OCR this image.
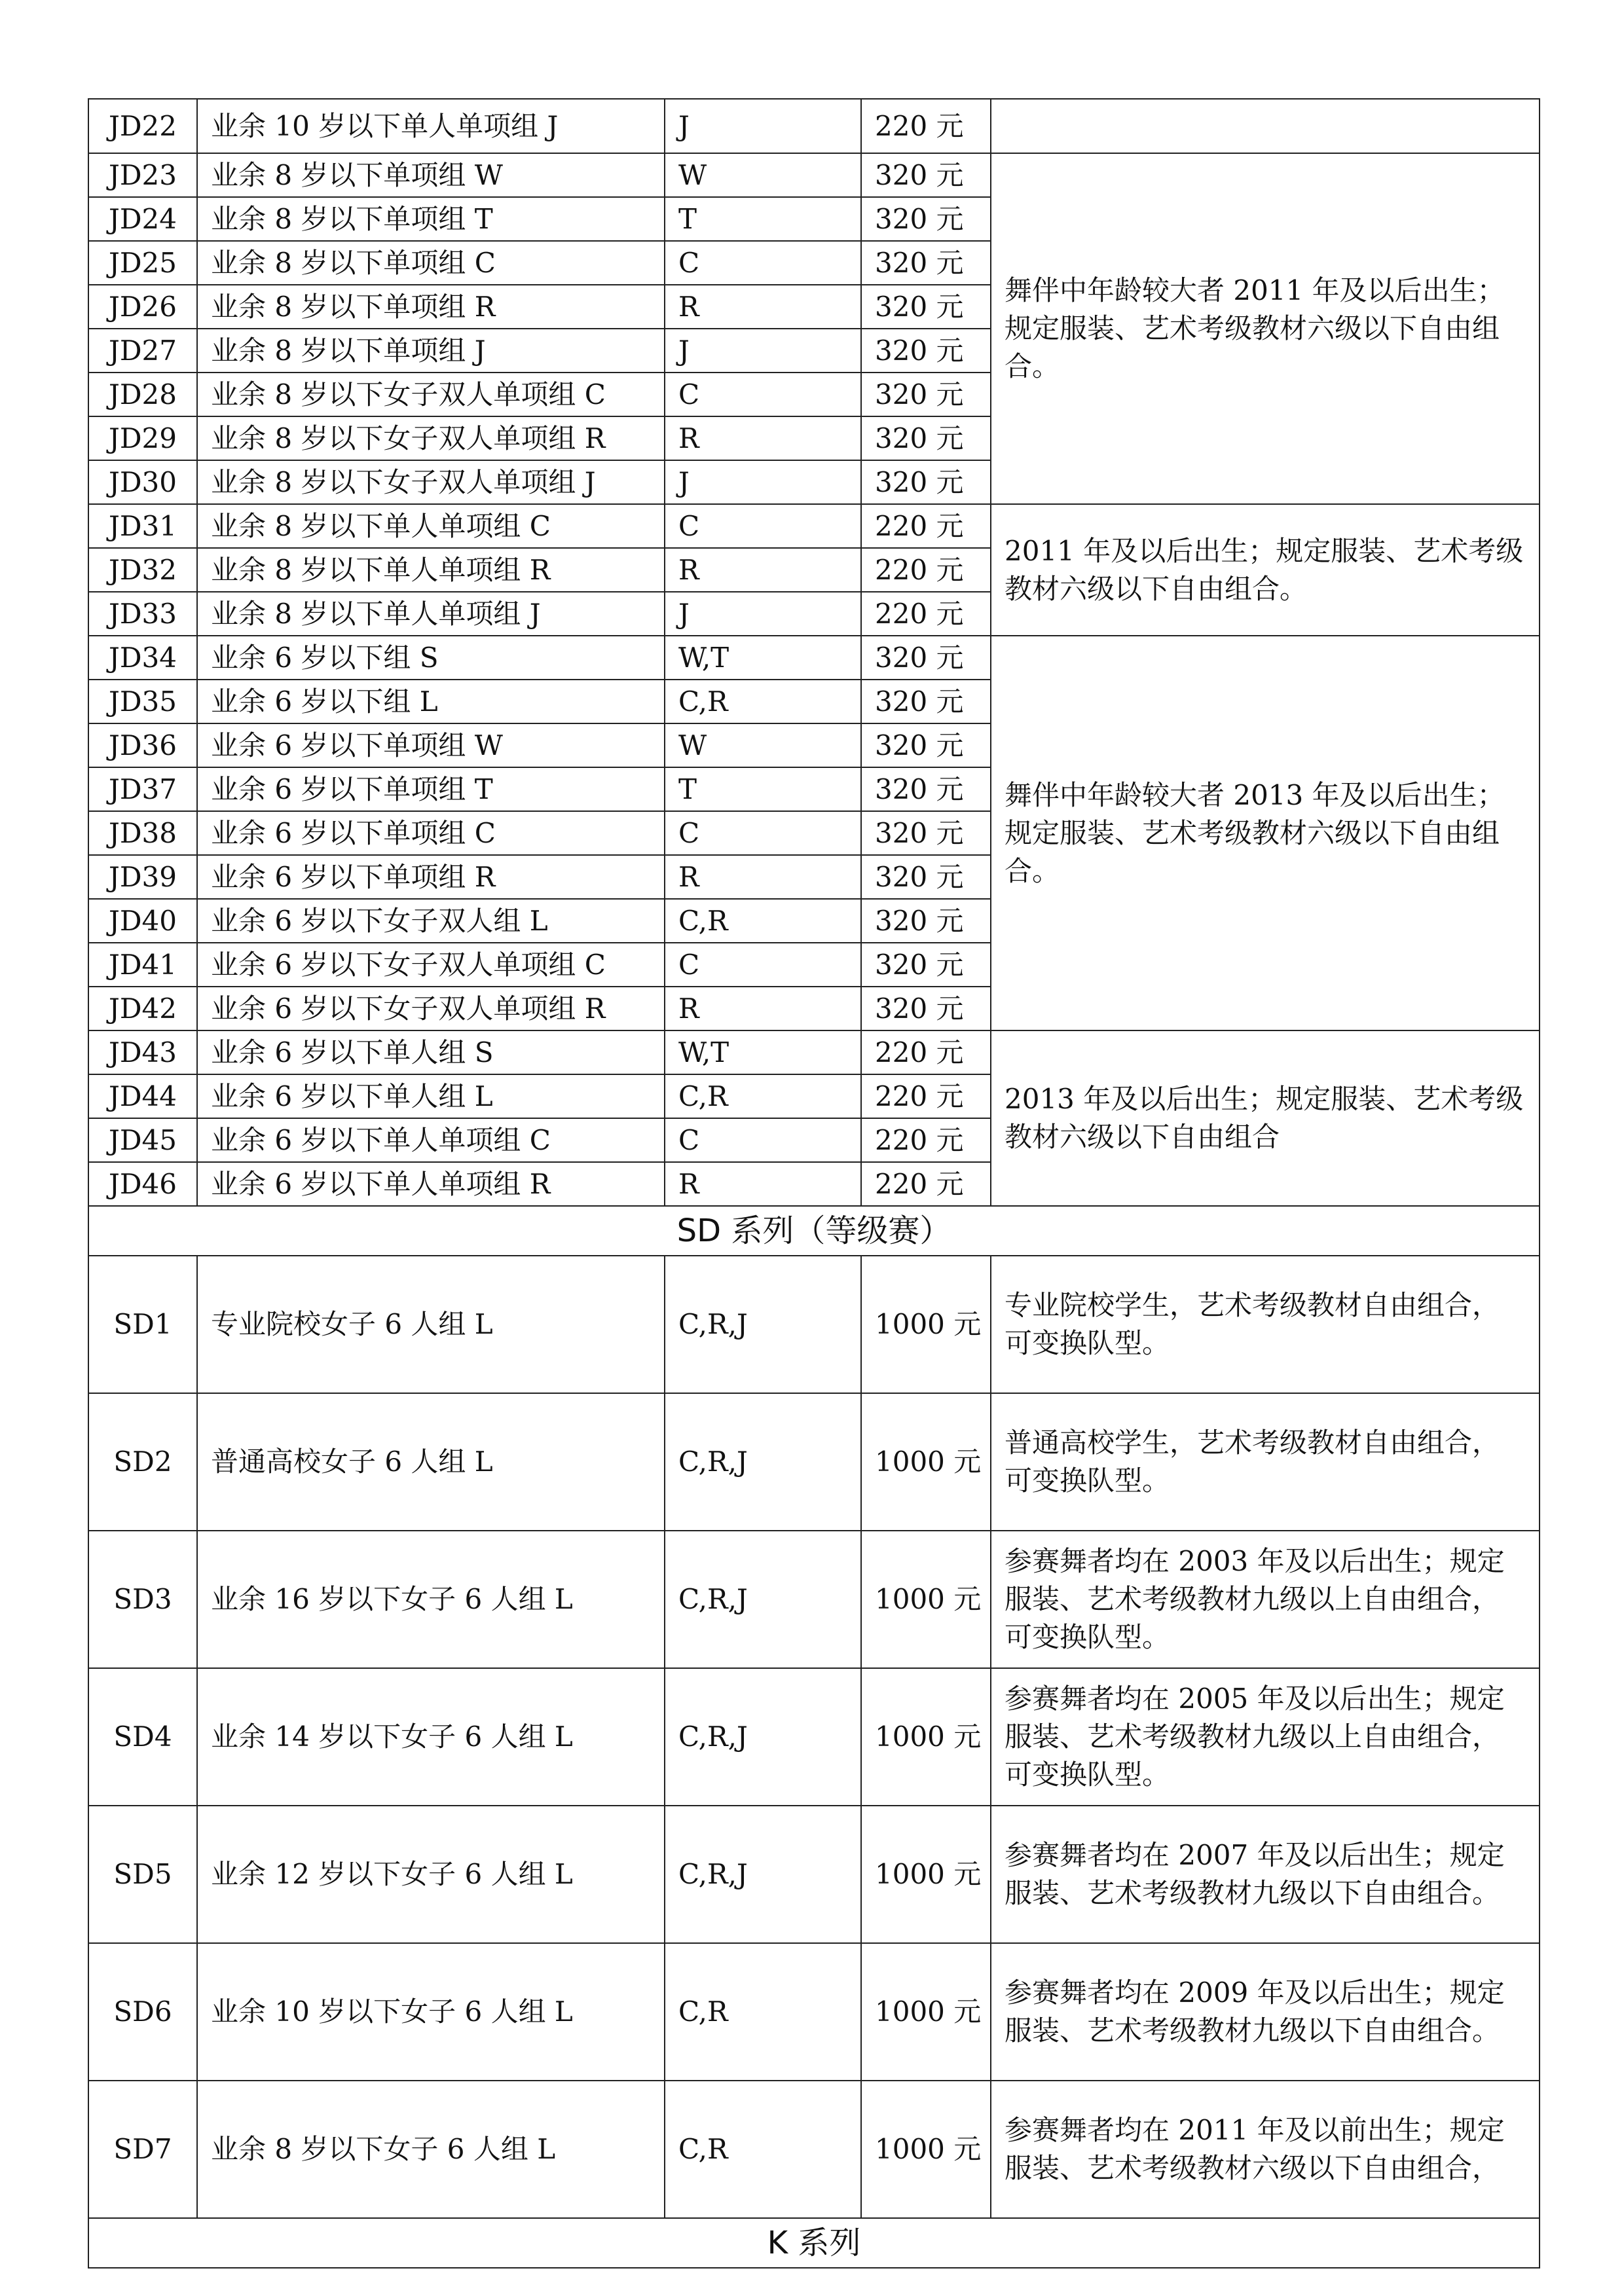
JD22	业余 10 岁以下单人单项组 J	J	220 元	
JD23	业余 8 岁以下单项组 W	W	320 元	舞伴中年龄较大者 2011 年及以后出生；规定服装、艺术考级教材六级以下自由组合。
JD24	业余 8 岁以下单项组 T	T	320 元	
JD25	业余 8 岁以下单项组 C	C	320 元	
JD26	业余 8 岁以下单项组 R	R	320 元	
JD27	业余 8 岁以下单项组 J	J	320 元	
JD28	业余 8 岁以下女子双人单项组 C	C	320 元	
JD29	业余 8 岁以下女子双人单项组 R	R	320 元	
JD30	业余 8 岁以下女子双人单项组 J	J	320 元	
JD31	业余 8 岁以下单人单项组 C	C	220 元	2011 年及以后出生；规定服装、艺术考级教材六级以下自由组合。
JD32	业余 8 岁以下单人单项组 R	R	220 元	
JD33	业余 8 岁以下单人单项组 J	J	220 元	
JD34	业余 6 岁以下组 S	W,T	320 元	舞伴中年龄较大者 2013 年及以后出生；规定服装、艺术考级教材六级以下自由组合。
JD35	业余 6 岁以下组 L	C,R	320 元	
JD36	业余 6 岁以下单项组 W	W	320 元	
JD37	业余 6 岁以下单项组 T	T	320 元	
JD38	业余 6 岁以下单项组 C	C	320 元	
JD39	业余 6 岁以下单项组 R	R	320 元	
JD40	业余 6 岁以下女子双人组 L	C,R	320 元	
JD41	业余 6 岁以下女子双人单项组 C	C	320 元	
JD42	业余 6 岁以下女子双人单项组 R	R	320 元	
JD43	业余 6 岁以下单人组 S	W,T	220 元	2013 年及以后出生；规定服装、艺术考级教材六级以下自由组合
JD44	业余 6 岁以下单人组 L	C,R	220 元	
JD45	业余 6 岁以下单人单项组 C	C	220 元	
JD46	业余 6 岁以下单人单项组 R	R	220 元	
SD 系列（等级赛）				
SD1	专业院校女子 6 人组 L	C,R,J	1000 元	专业院校学生，艺术考级教材自由组合，可变换队型。
SD2	普通高校女子 6 人组 L	C,R,J	1000 元	普通高校学生，艺术考级教材自由组合，可变换队型。
SD3	业余 16 岁以下女子 6 人组 L	C,R,J	1000 元	参赛舞者均在 2003 年及以后出生；规定服装、艺术考级教材九级以上自由组合，可变换队型。
SD4	业余 14 岁以下女子 6 人组 L	C,R,J	1000 元	参赛舞者均在 2005 年及以后出生；规定服装、艺术考级教材九级以上自由组合，可变换队型。
SD5	业余 12 岁以下女子 6 人组 L	C,R,J	1000 元	参赛舞者均在 2007 年及以后出生；规定服装、艺术考级教材九级以下自由组合。
SD6	业余 10 岁以下女子 6 人组 L	C,R	1000 元	参赛舞者均在 2009 年及以后出生；规定服装、艺术考级教材九级以下自由组合。
SD7	业余 8 岁以下女子 6 人组 L	C,R	1000 元	参赛舞者均在 2011 年及以前出生；规定服装、艺术考级教材六级以下自由组合，
K 系列				
